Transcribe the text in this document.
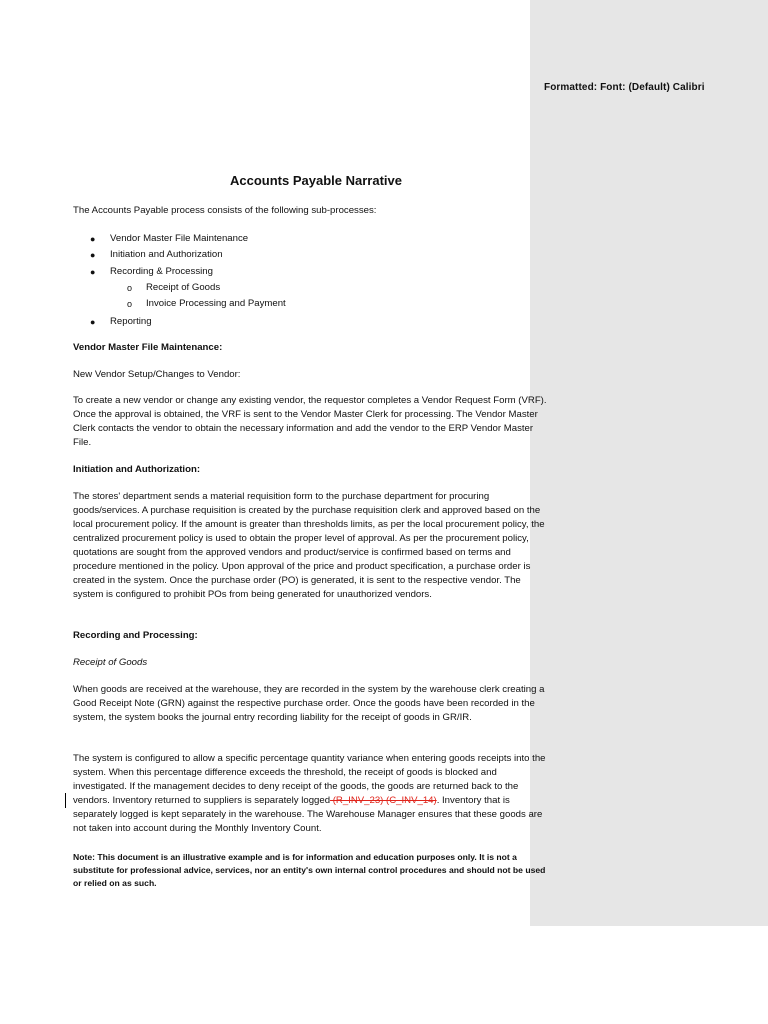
Formatted: Font: (Default) Calibri
Accounts Payable Narrative

The Accounts Payable process consists of the following sub-processes:

● Vendor Master File Maintenance
● Initiation and Authorization
● Recording & Processing
o Receipt of Goods
o Invoice Processing and Payment
● Reporting

Vendor Master File Maintenance:

New Vendor Setup/Changes to Vendor:

To create a new vendor or change any existing vendor, the requestor completes a Vendor Request Form (VRF). Once the approval is obtained, the VRF is sent to the Vendor Master Clerk for processing. The Vendor Master Clerk contacts the vendor to obtain the necessary information and add the vendor to the ERP Vendor Master File.

Initiation and Authorization:

The stores' department sends a material requisition form to the purchase department for procuring goods/services. A purchase requisition is created by the purchase requisition clerk and approved based on the local procurement policy. If the amount is greater than thresholds limits, as per the local procurement policy, the centralized procurement policy is used to obtain the proper level of approval. As per the procurement policy, quotations are sought from the approved vendors and product/service is confirmed based on terms and procedure mentioned in the policy. Upon approval of the price and product specification, a purchase order is created in the system. Once the purchase order (PO) is generated, it is sent to the respective vendor. The system is configured to prohibit POs from being generated for unauthorized vendors.

Recording and Processing:

Receipt of Goods

When goods are received at the warehouse, they are recorded in the system by the warehouse clerk creating a Good Receipt Note (GRN) against the respective purchase order. Once the goods have been recorded in the system, the system books the journal entry recording liability for the receipt of goods in GR/IR.

The system is configured to allow a specific percentage quantity variance when entering goods receipts into the system. When this percentage difference exceeds the threshold, the receipt of goods is blocked and investigated. If the management decides to deny receipt of the goods, the goods are returned back to the vendors. Inventory returned to suppliers is separately logged (R_INV_23) (C_INV_14). Inventory that is separately logged is kept separately in the warehouse. The Warehouse Manager ensures that these goods are not taken into account during the Monthly Inventory Count.

Note: This document is an illustrative example and is for information and education purposes only. It is not a substitute for professional advice, services, nor an entity's own internal control procedures and should not be used or relied on as such.
